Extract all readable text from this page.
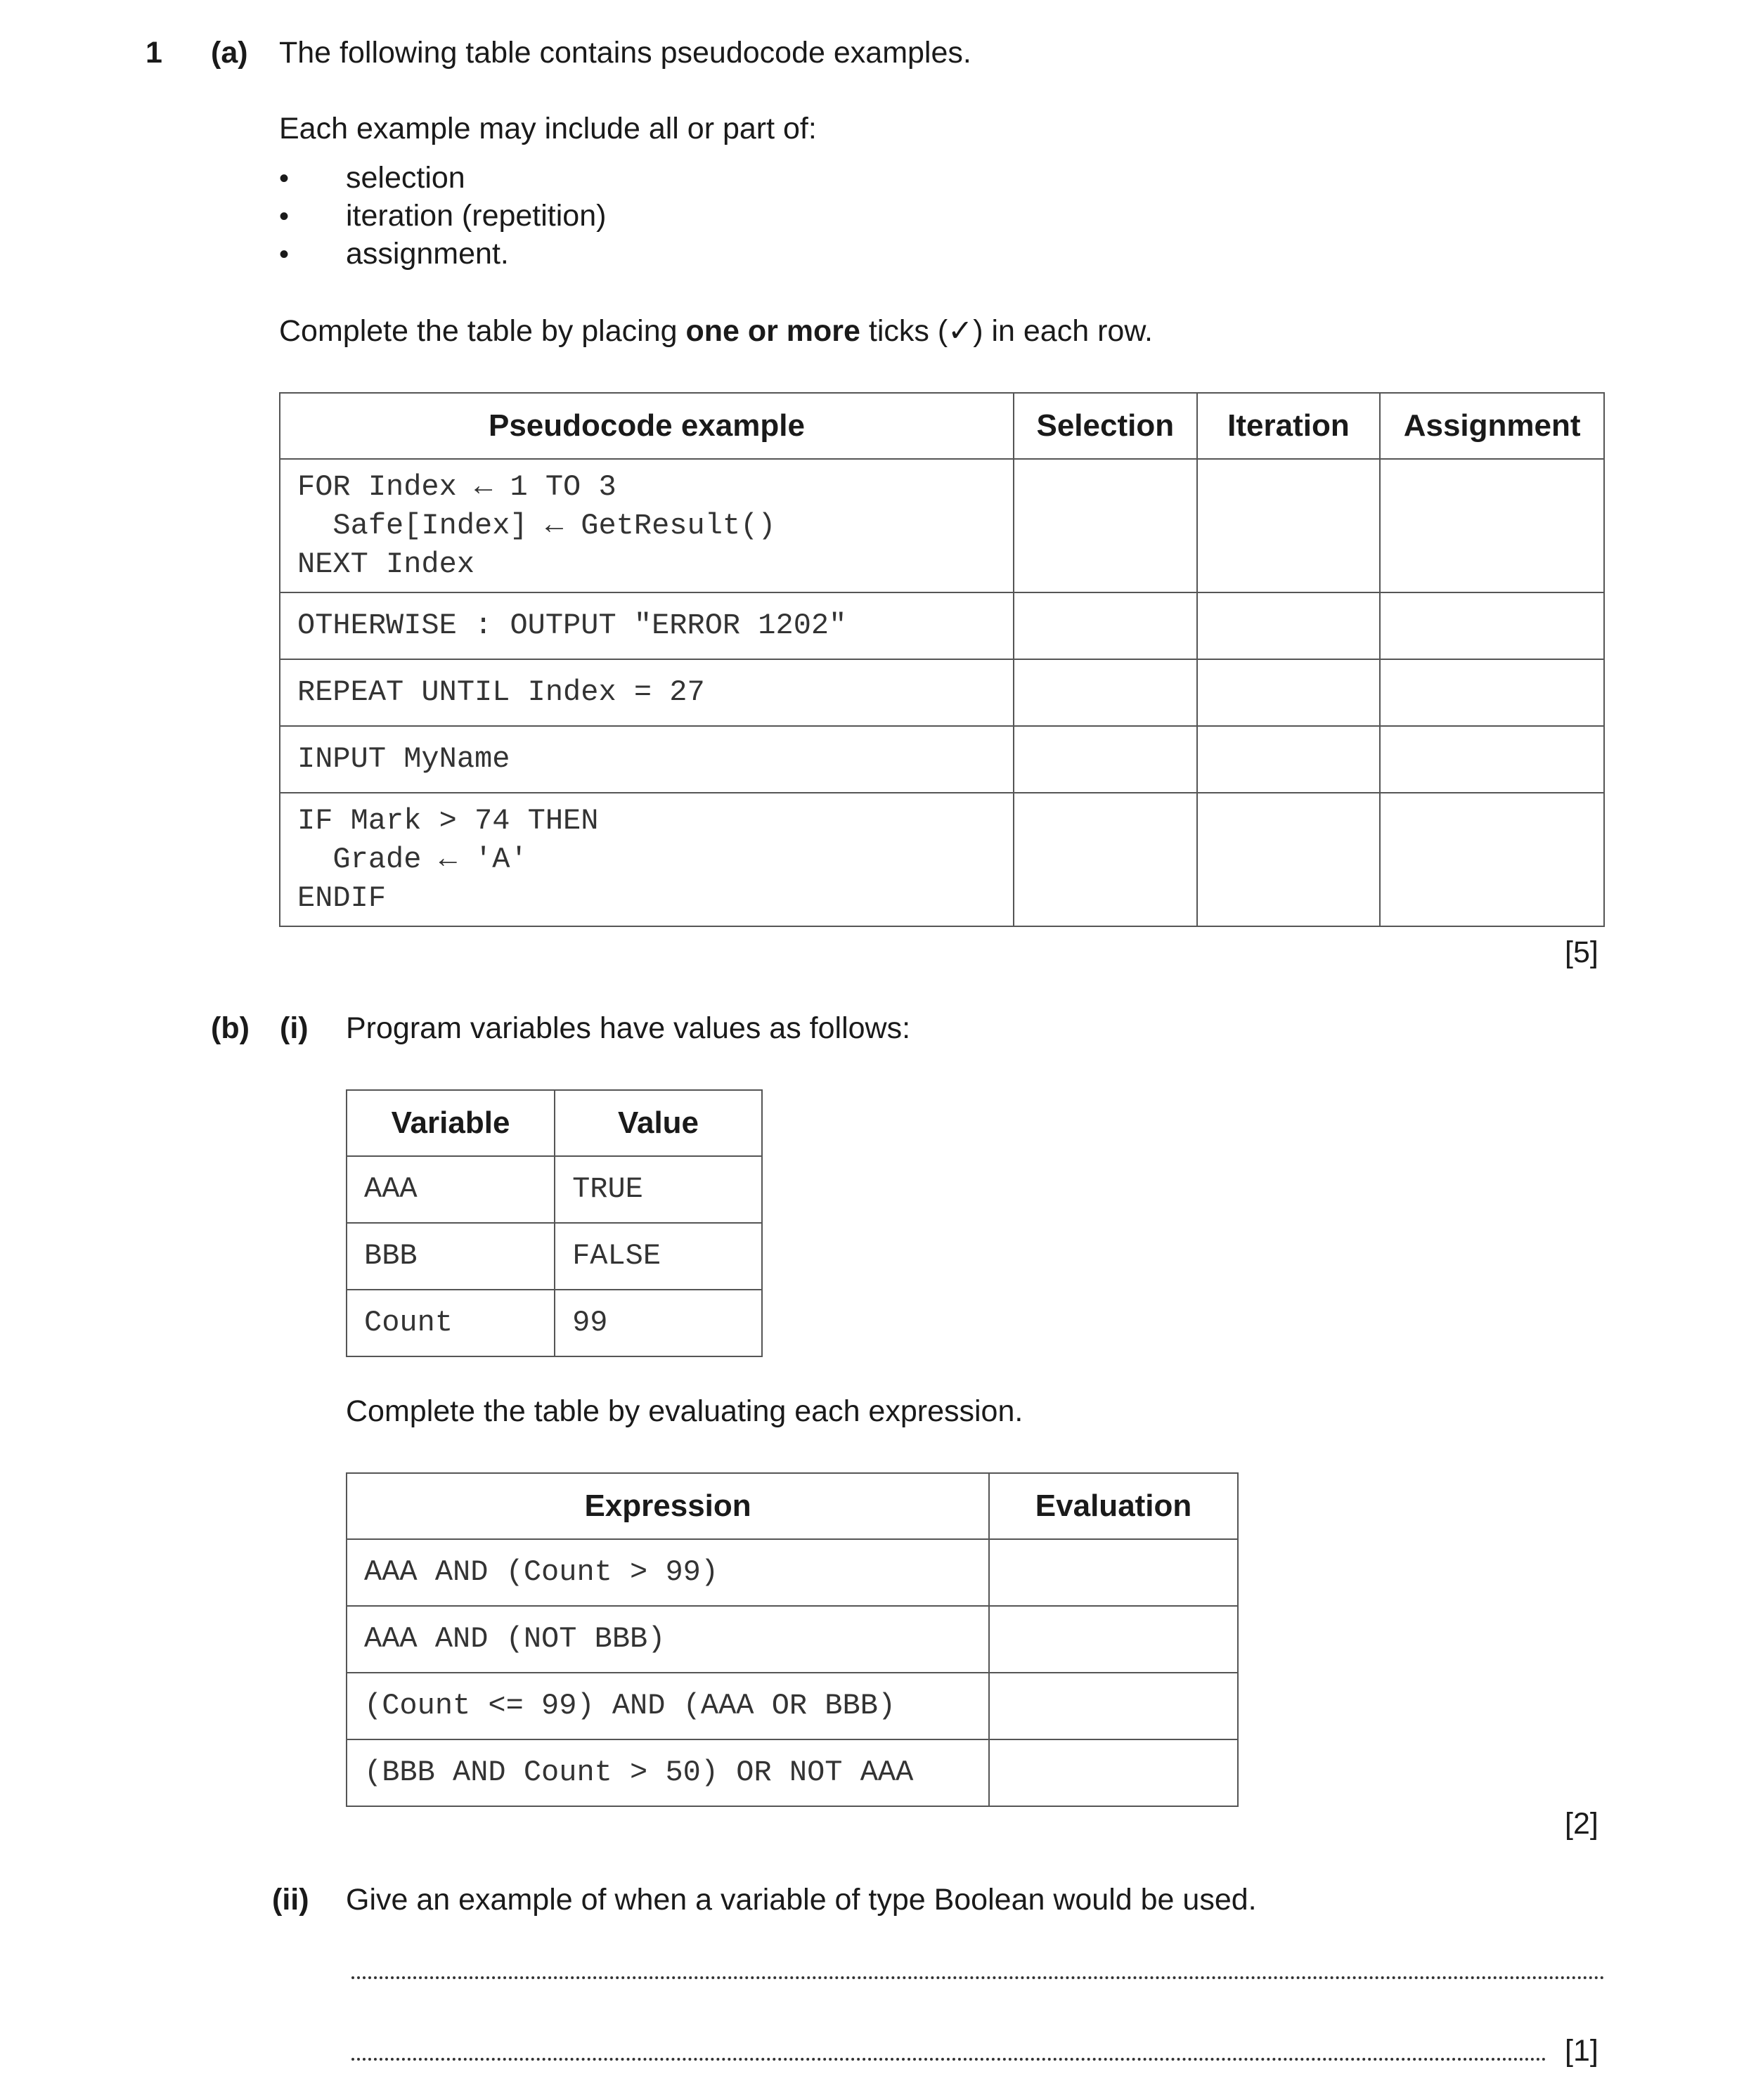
1 (a) The following table contains pseudocode examples.
Each example may include all or part of:
• selection
• iteration (repetition)
• assignment.
Complete the table by placing one or more ticks (✓) in each row.
Pseudocode example	Selection	Iteration	Assignment

FOR Index ← 1 TO 3
Safe[Index] ← GetResult()
NEXT Index			

OTHERWISE : OUTPUT "ERROR 1202"			

REPEAT UNTIL Index = 27			

INPUT MyName			

IF Mark > 74 THEN
Grade ← 'A'
ENDIF			

[5]
(b) (i) Program variables have values as follows:
Variable	Value

AAA	TRUE

BBB	FALSE

Count	99
Complete the table by evaluating each expression.
Expression	Evaluation

AAA AND (Count > 99)	

AAA AND (NOT BBB)	

(Count <= 99) AND (AAA OR BBB)	

(BBB AND Count > 50) OR NOT AAA	

[2]
(ii) Give an example of when a variable of type Boolean would be used.
[1]
